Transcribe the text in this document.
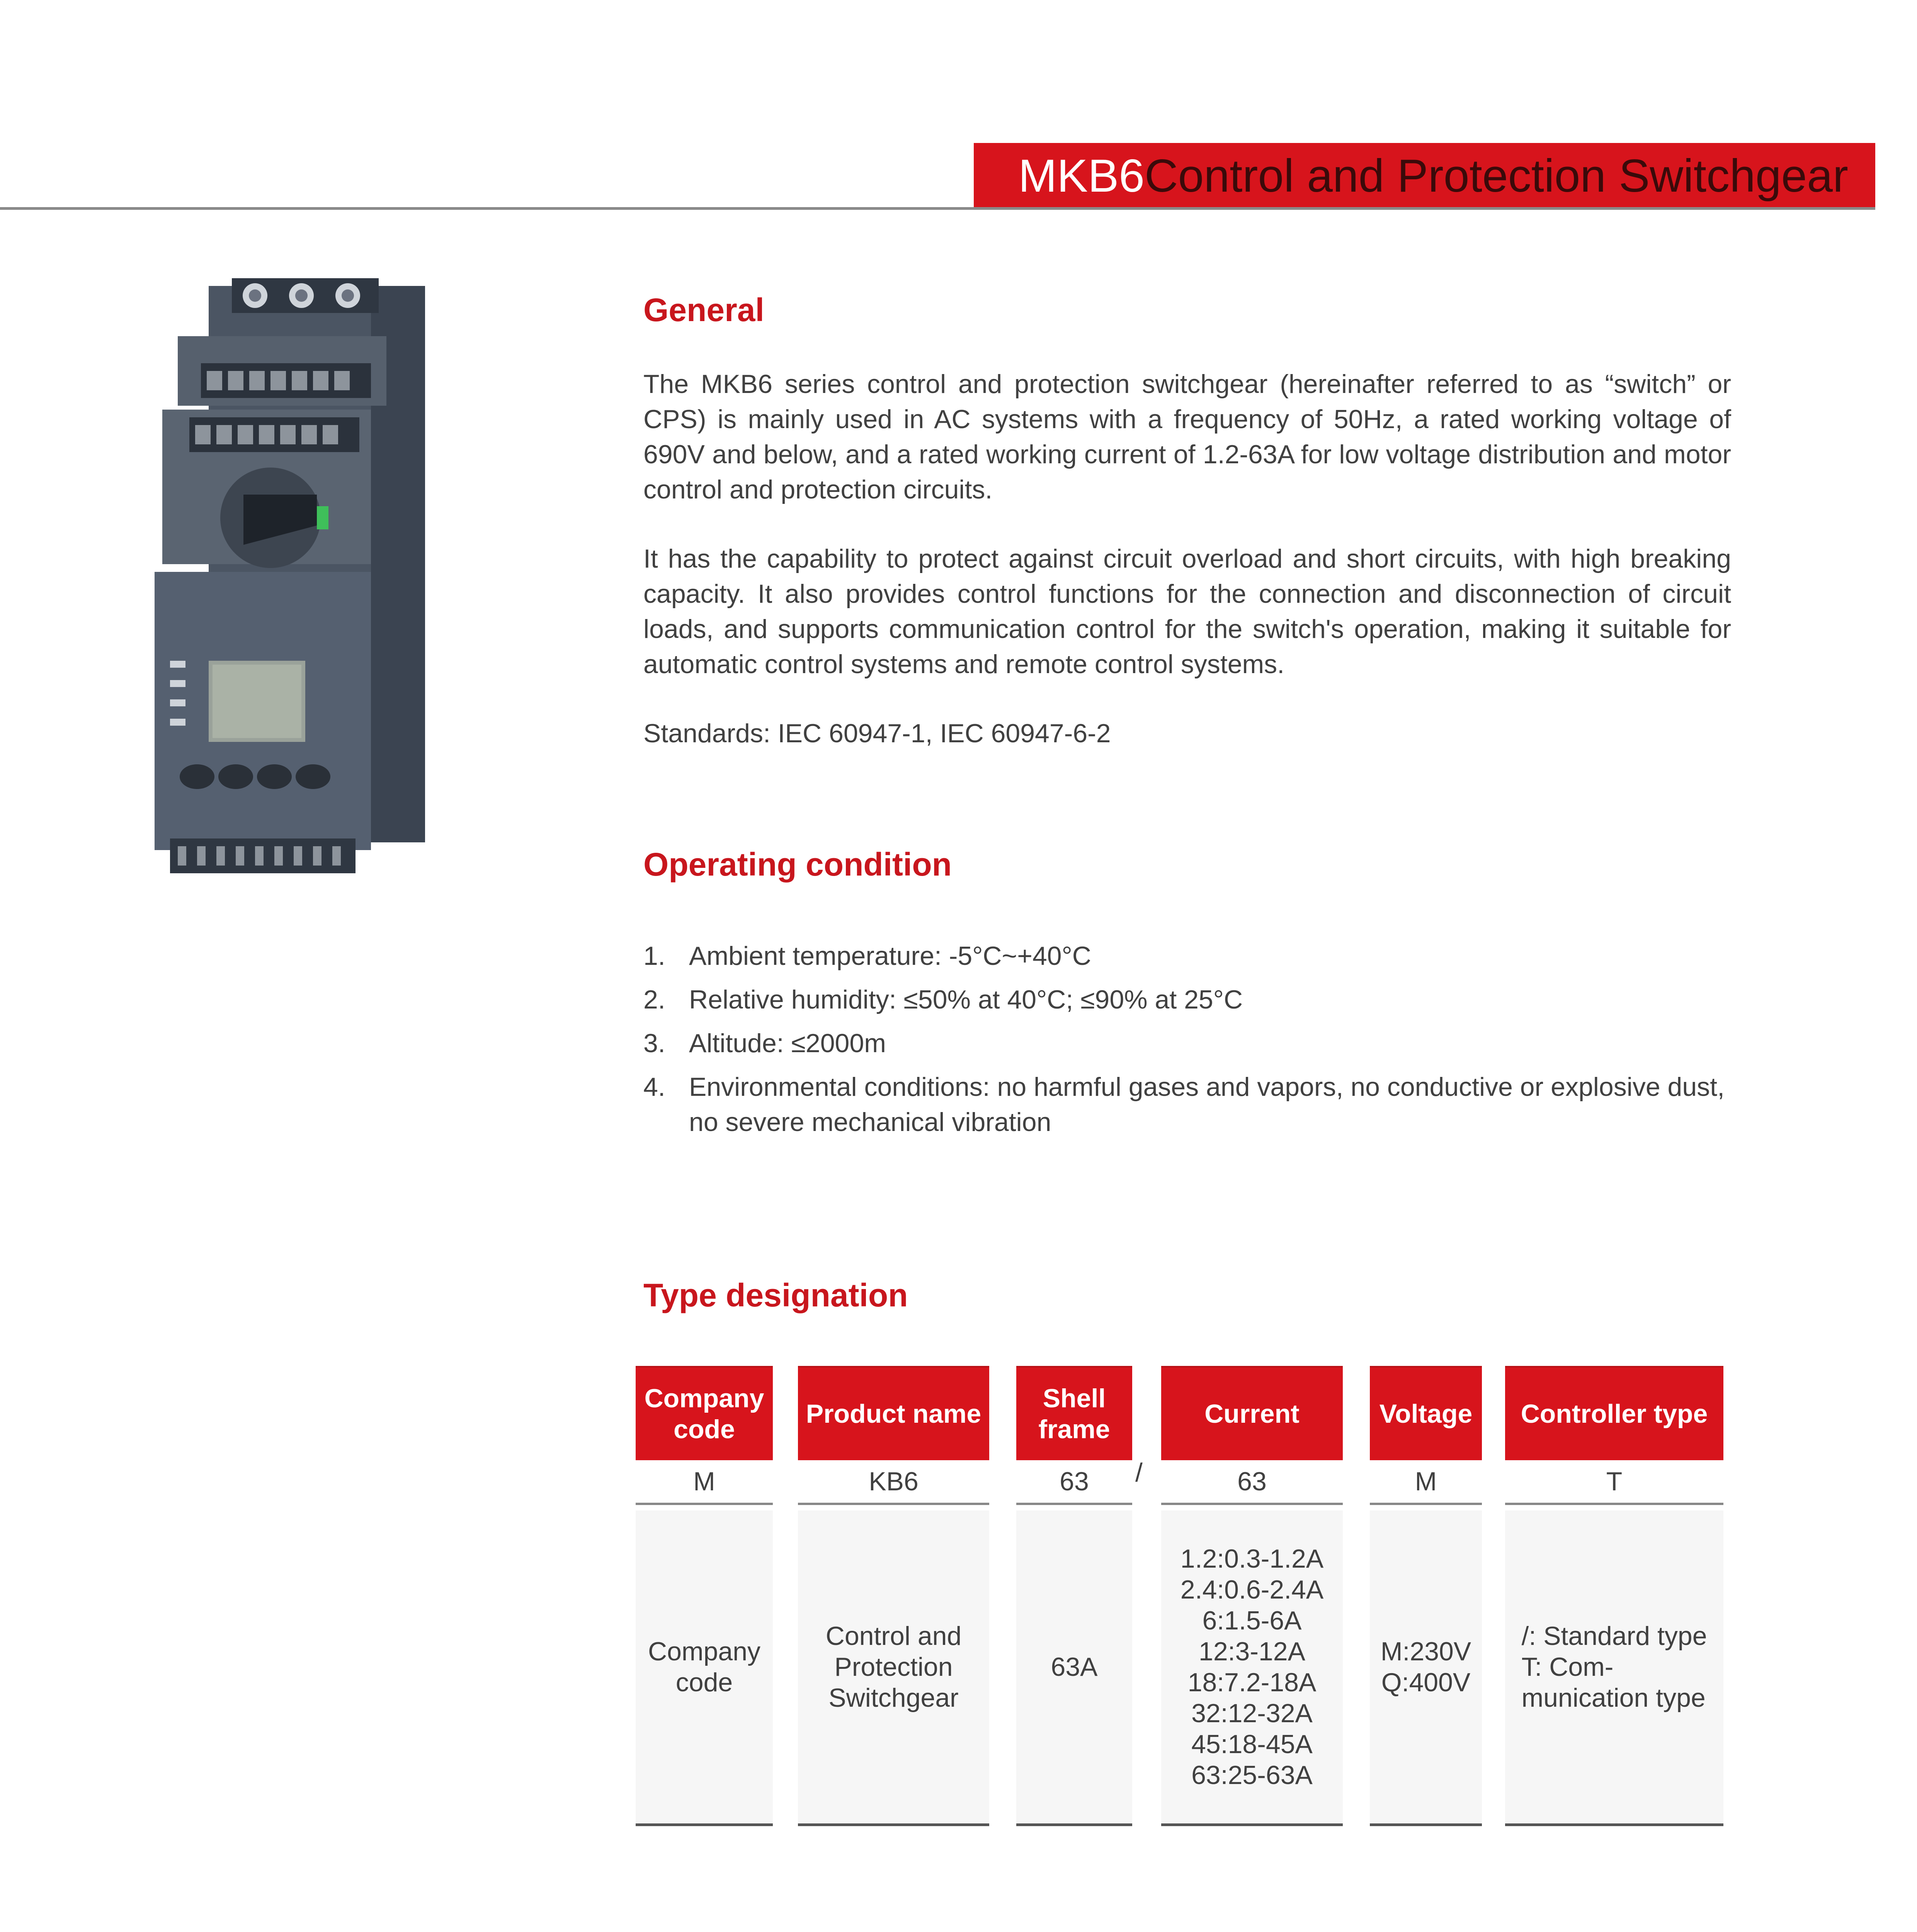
MKB6 Control and Protection Switchgear
General

The MKB6 series control and protection switchgear (hereinafter referred to as “switch” or CPS) is mainly used in AC systems with a frequency of 50Hz, a rated working voltage of 690V and below, and a rated working current of 1.2-63A for low voltage distribution and motor control and protection circuits.

It has the capability to protect against circuit overload and short circuits, with high breaking capacity. It also provides control functions for the connection and disconnection of circuit loads, and supports communication control for the switch's operation, making it suitable for automatic control systems and remote control systems.

Standards: IEC 60947-1, IEC 60947-6-2

Operating condition
1. Ambient temperature: -5°C~+40°C
2. Relative humidity: ≤50% at 40°C; ≤90% at 25°C
3. Altitude: ≤2000m
4. Environmental conditions: no harmful gases and vapors, no conductive or explosive dust, no severe mechanical vibration
Type designation
Company code
M
Company
code
Product name
KB6
Control and
Protection
Switchgear
Shell frame
63
63A
/
Current
63
1.2:0.3-1.2A
2.4:0.6-2.4A
6:1.5-6A
12:3-12A
18:7.2-18A
32:12-32A
45:18-45A
63:25-63A
Voltage
M
M:230V
Q:400V
Controller type
T
/: Standard type
T: Com-
munication type
